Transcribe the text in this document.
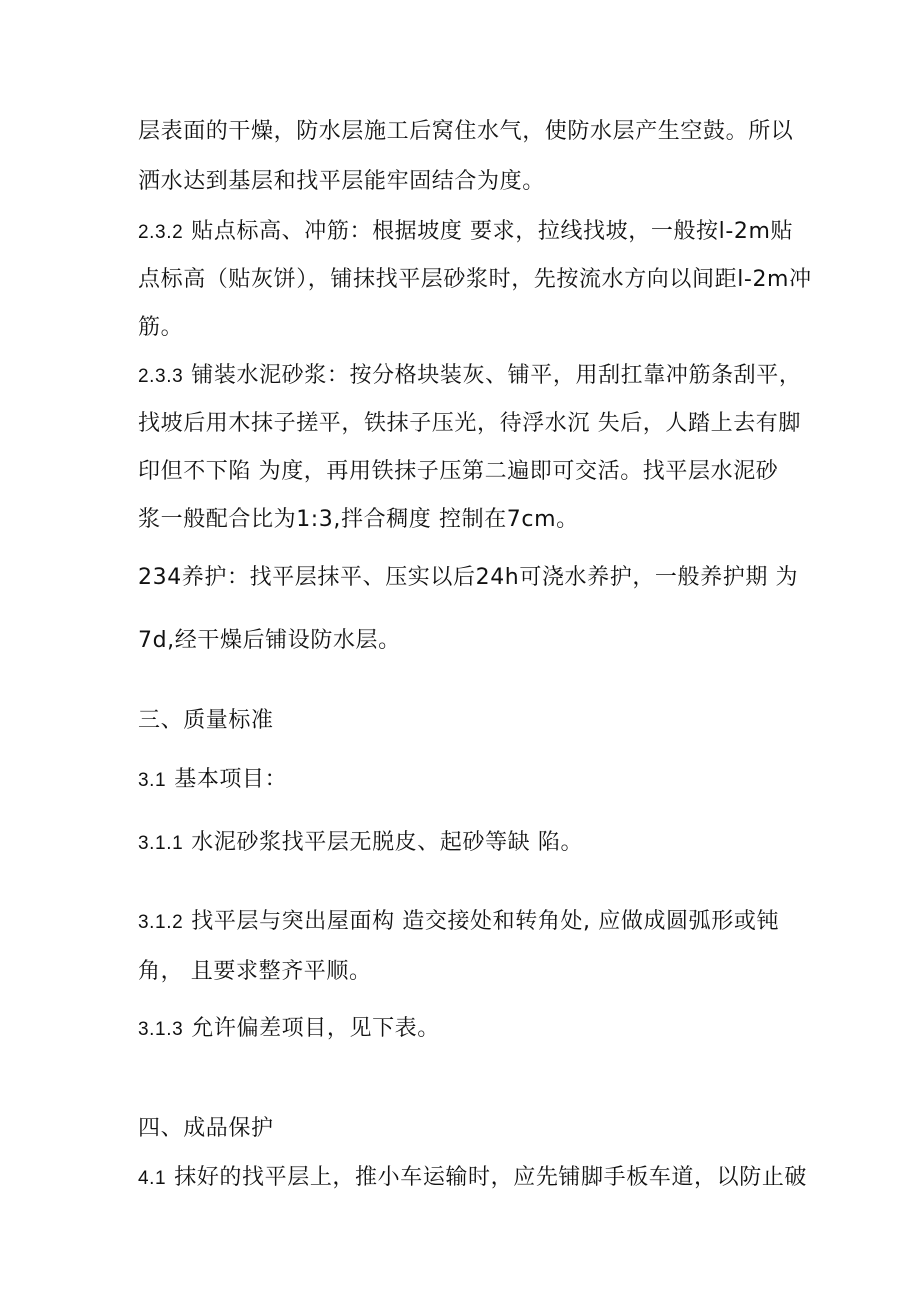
层表面的干燥，防水层施工后窝住水气，使防水层产生空鼓。所以
洒水达到基层和找平层能牢固结合为度。
2.3.2 贴点标高、冲筋：根据坡度 要求，拉线找坡，一般按l-2m贴
点标高（贴灰饼），铺抹找平层砂浆时，先按流水方向以间距l-2m冲
筋。
2.3.3 铺装水泥砂浆：按分格块装灰、铺平，用刮扛靠冲筋条刮平，
找坡后用木抹子搓平，铁抹子压光，待浮水沉 失后，人踏上去有脚
印但不下陷 为度，再用铁抹子压第二遍即可交活。找平层水泥砂
浆一般配合比为1:3,拌合稠度 控制在7cm。
234养护：找平层抹平、压实以后24h可浇水养护，一般养护期 为
7d,经干燥后铺设防水层。
三、质量标准
3.1 基本项目：
3.1.1 水泥砂浆找平层无脱皮、起砂等缺 陷。
3.1.2 找平层与突出屋面构 造交接处和转角处, 应做成圆弧形或钝
角， 且要求整齐平顺。
3.1.3 允许偏差项目，见下表。
四、成品保护
4.1 抹好的找平层上，推小车运输时，应先铺脚手板车道，以防止破
